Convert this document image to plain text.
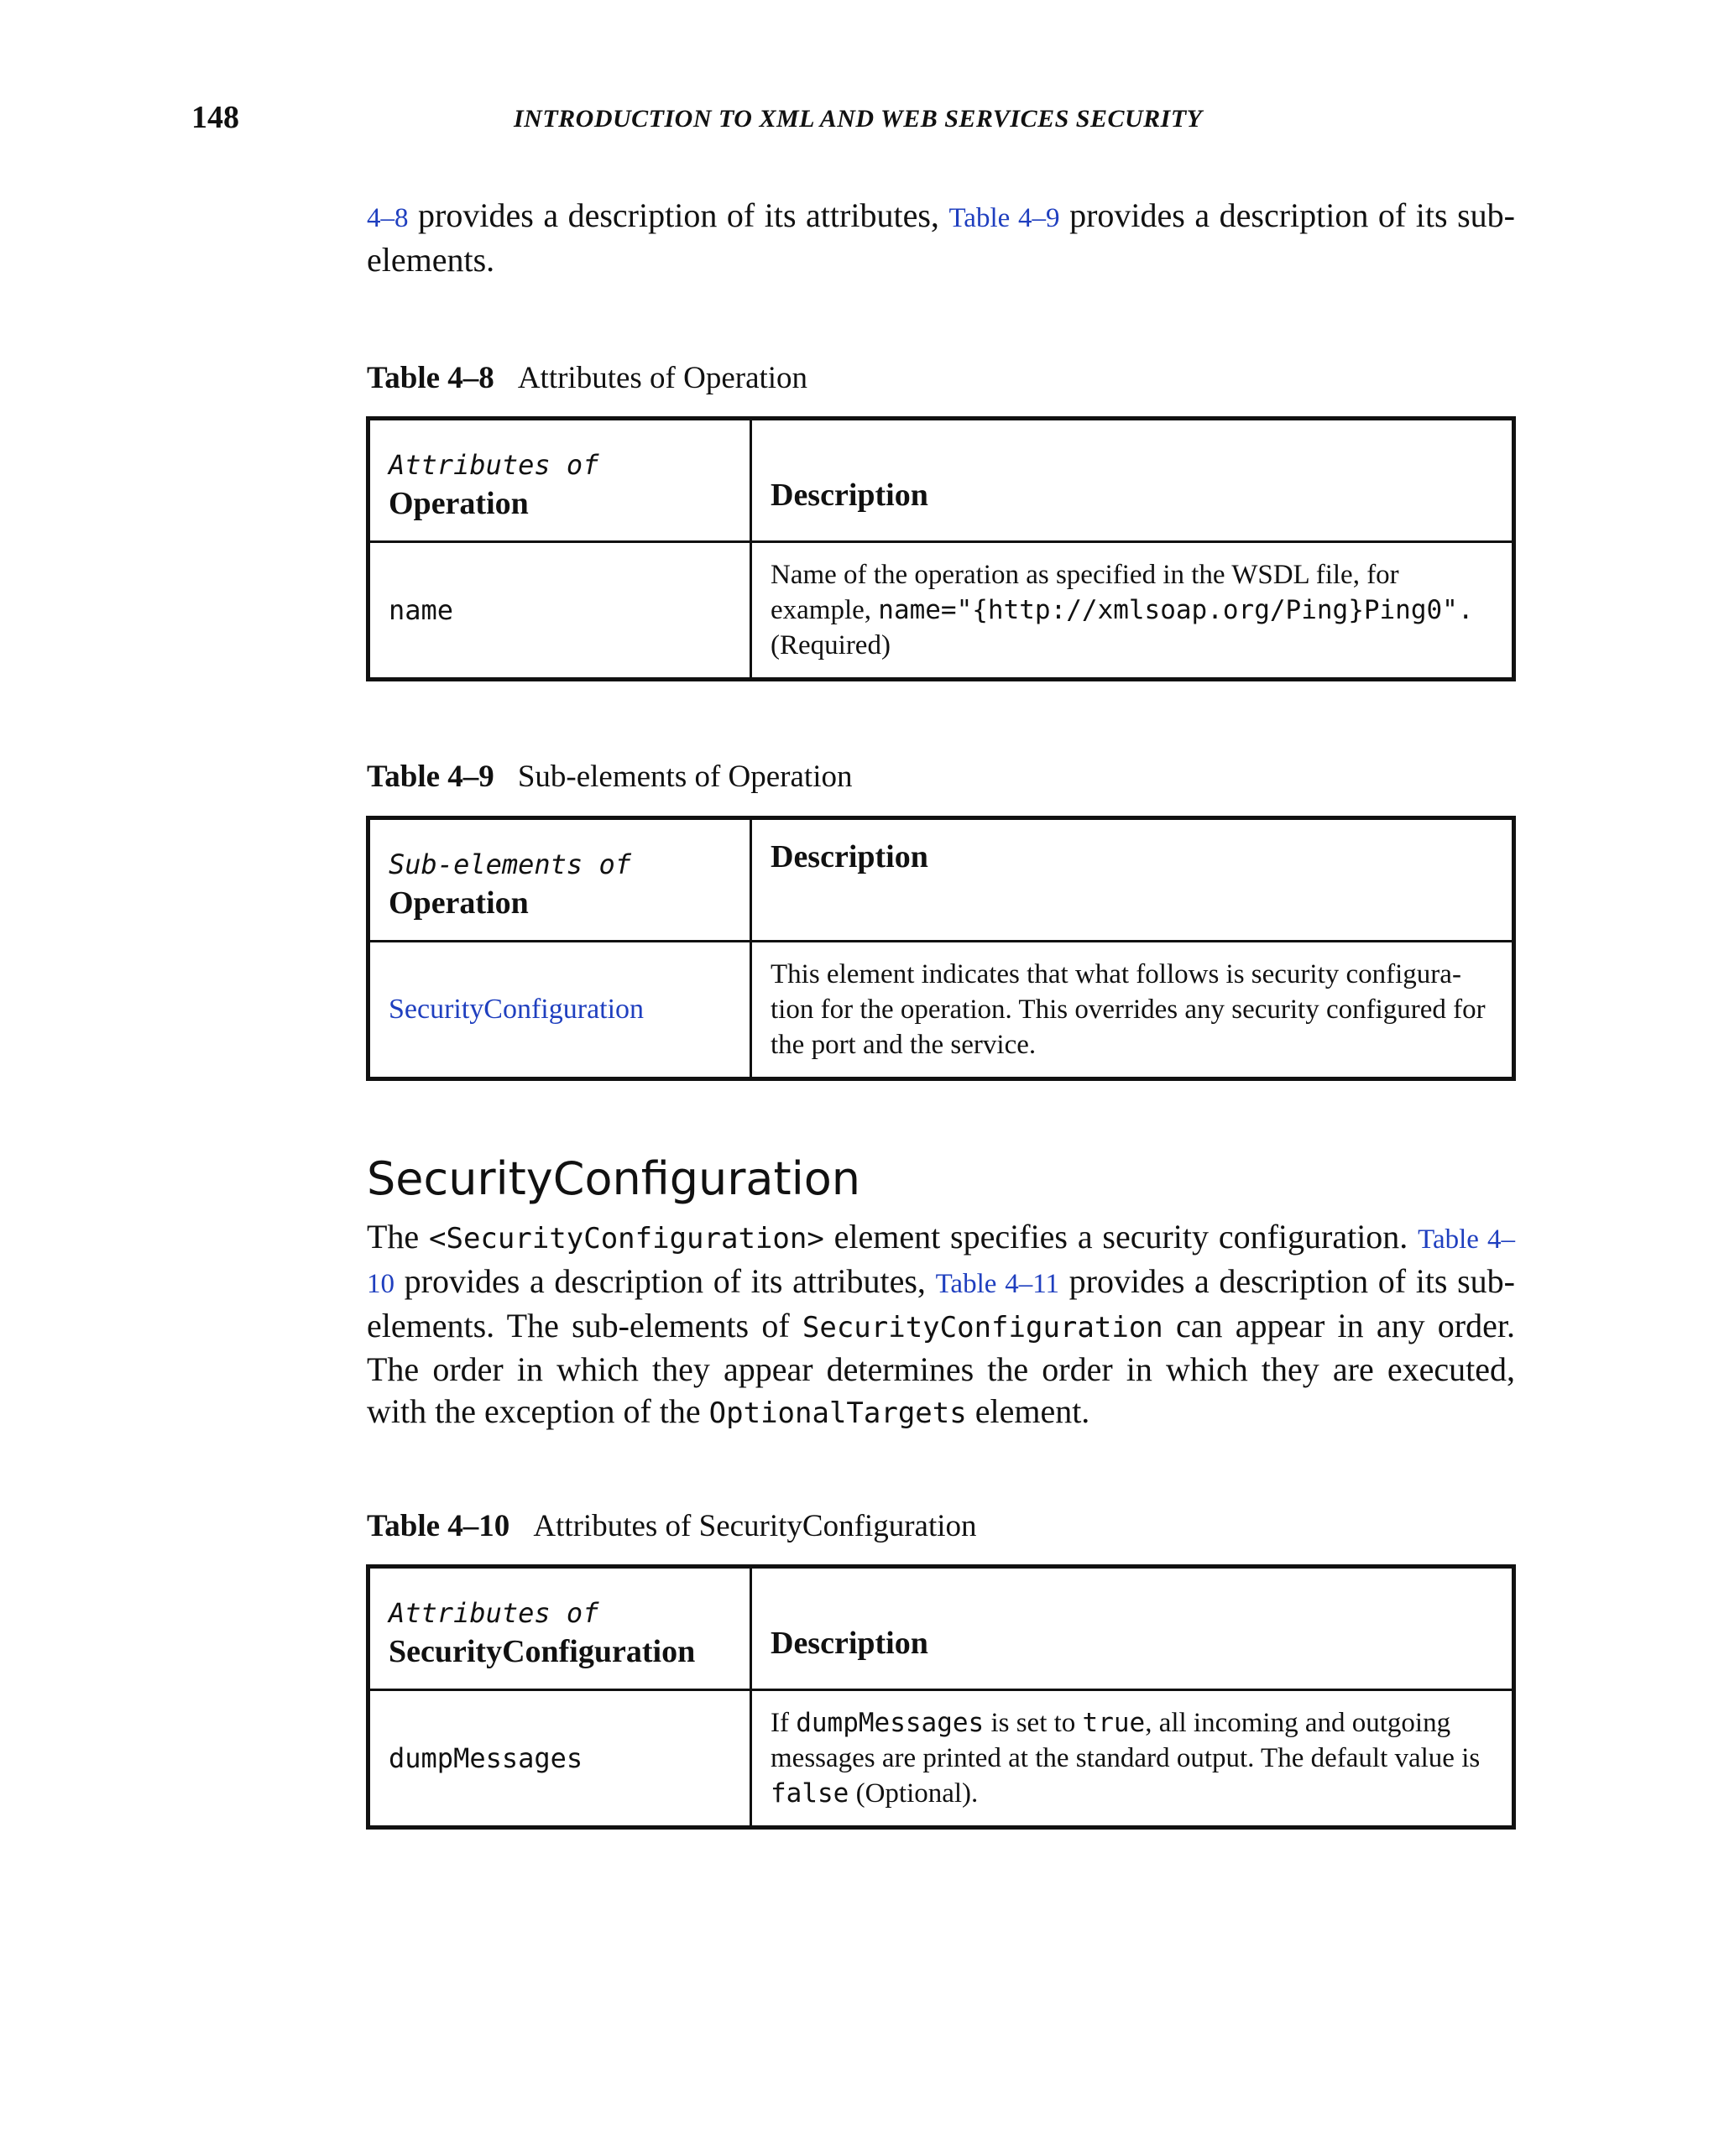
148	INTRODUCTION TO XML AND WEB SERVICES SECURITY
4–8 provides a description of its attributes, Table 4–9 provides a description of its sub-elements.
Table 4–8 Attributes of Operation
Attributes of
Operation	Description
name	Name of the operation as specified in the WSDL file, for example, name="{http://xmlsoap.org/Ping}Ping0".
(Required)
Table 4–9 Sub-elements of Operation
Sub-elements of
Operation	Description
SecurityConfiguration	This element indicates that what follows is security configura- tion for the operation. This overrides any security configured for the port and the service.
SecurityConfiguration
The <SecurityConfiguration> element specifies a security configuration. Table 4–10 provides a description of its attributes, Table 4–11 provides a description of its sub-elements. The sub-elements of SecurityConfiguration can appear in any order. The order in which they appear determines the order in which they are executed, with the exception of the OptionalTargets element.
Table 4–10 Attributes of SecurityConfiguration
Attributes of
SecurityConfiguration	Description
dumpMessages	If dumpMessages is set to true, all incoming and outgoing messages are printed at the standard output. The default value is false (Optional).
